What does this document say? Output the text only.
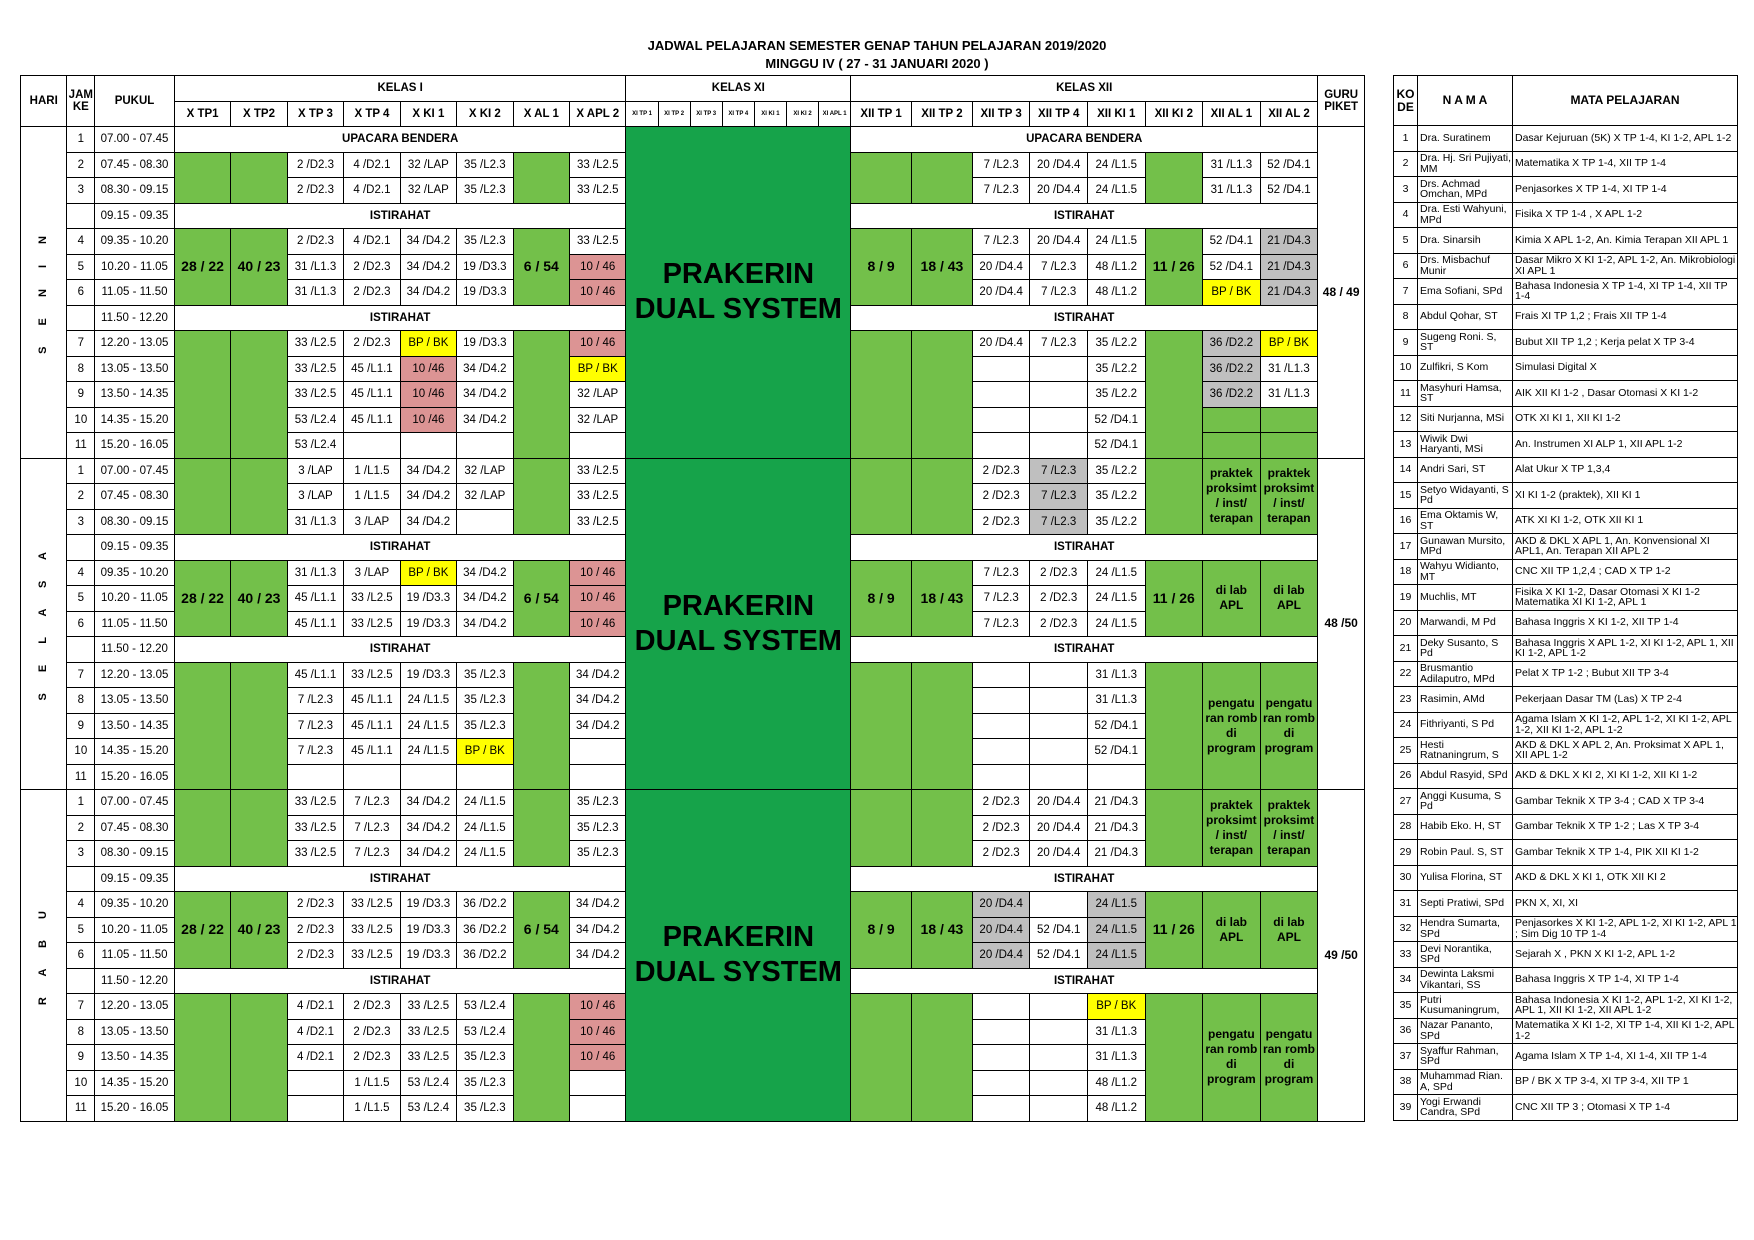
JADWAL PELAJARAN SEMESTER GENAP TAHUN PELAJARAN 2019/2020
MINGGU IV ( 27 - 31 JANUARI 2020 )
HARI	JAM
KE	PUKUL	KELAS I								KELAS XI							KELAS XII								GURU
PIKET
			X TP1	X TP2	X TP 3	X TP 4	X KI 1	X KI 2	X AL 1	X APL 2	XI TP 1	XI TP 2	XI TP 3	XI TP 4	XI KI 1	XI KI 2	XI APL 1	XII TP 1	XII TP 2	XII TP 3	XII TP 4	XII KI 1	XII KI 2	XII AL 1	XII AL 2	
S E N I N	1	07.00 - 07.45	UPACARA BENDERA								PRAKERIN DUAL SYSTEM							UPACARA BENDERA								48 / 49
	2	07.45 - 08.30			2 /D2.3	4 /D2.1	32 /LAP	35 /L2.3		33 /L2.5										7 /L2.3	20 /D4.4	24 /L1.5		31 /L1.3	52 /D4.1	
	3	08.30 - 09.15			2 /D2.3	4 /D2.1	32 /LAP	35 /L2.3		33 /L2.5										7 /L2.3	20 /D4.4	24 /L1.5		31 /L1.3	52 /D4.1	
		09.15 - 09.35	ISTIRAHAT															ISTIRAHAT								
	4	09.35 - 10.20	28 / 22	40 / 23	2 /D2.3	4 /D2.1	34 /D4.2	35 /L2.3	6 / 54	33 /L2.5								8 / 9	18 / 43	7 /L2.3	20 /D4.4	24 /L1.5	11 / 26	52 /D4.1	21 /D4.3	
	5	10.20 - 11.05			31 /L1.3	2 /D2.3	34 /D4.2	19 /D3.3		10 / 46										20 /D4.4	7 /L2.3	48 /L1.2		52 /D4.1	21 /D4.3	
	6	11.05 - 11.50			31 /L1.3	2 /D2.3	34 /D4.2	19 /D3.3		10 / 46										20 /D4.4	7 /L2.3	48 /L1.2		BP / BK	21 /D4.3	
		11.50 - 12.20	ISTIRAHAT															ISTIRAHAT								
	7	12.20 - 13.05			33 /L2.5	2 /D2.3	BP / BK	19 /D3.3		10 / 46										20 /D4.4	7 /L2.3	35 /L2.2		36 /D2.2	BP / BK	
	8	13.05 - 13.50			33 /L2.5	45 /L1.1	10 /46	34 /D4.2		BP / BK												35 /L2.2		36 /D2.2	31 /L1.3	
	9	13.50 - 14.35			33 /L2.5	45 /L1.1	10 /46	34 /D4.2		32 /LAP												35 /L2.2		36 /D2.2	31 /L1.3	
	10	14.35 - 15.20			53 /L2.4	45 /L1.1	10 /46	34 /D4.2		32 /LAP												52 /D4.1				
	11	15.20 - 16.05			53 /L2.4																	52 /D4.1				
S E L A S A	1	07.00 - 07.45			3 /LAP	1 /L1.5	34 /D4.2	32 /LAP		33 /L2.5	PRAKERIN DUAL SYSTEM									2 /D2.3	7 /L2.3	35 /L2.2		praktek proksimt / inst/ terapan	praktek proksimt / inst/ terapan	48 /50
	2	07.45 - 08.30			3 /LAP	1 /L1.5	34 /D4.2	32 /LAP		33 /L2.5										2 /D2.3	7 /L2.3	35 /L2.2				
	3	08.30 - 09.15			31 /L1.3	3 /LAP	34 /D4.2			33 /L2.5										2 /D2.3	7 /L2.3	35 /L2.2				
		09.15 - 09.35	ISTIRAHAT															ISTIRAHAT								
	4	09.35 - 10.20	28 / 22	40 / 23	31 /L1.3	3 /LAP	BP / BK	34 /D4.2	6 / 54	10 / 46								8 / 9	18 / 43	7 /L2.3	2 /D2.3	24 /L1.5	11 / 26	di lab APL	di lab APL	
	5	10.20 - 11.05			45 /L1.1	33 /L2.5	19 /D3.3	34 /D4.2		10 / 46										7 /L2.3	2 /D2.3	24 /L1.5				
	6	11.05 - 11.50			45 /L1.1	33 /L2.5	19 /D3.3	34 /D4.2		10 / 46										7 /L2.3	2 /D2.3	24 /L1.5				
		11.50 - 12.20	ISTIRAHAT															ISTIRAHAT								
	7	12.20 - 13.05			45 /L1.1	33 /L2.5	19 /D3.3	35 /L2.3		34 /D4.2												31 /L1.3		pengatu ran romb di program	pengatu ran romb di program	
	8	13.05 - 13.50			7 /L2.3	45 /L1.1	24 /L1.5	35 /L2.3		34 /D4.2												31 /L1.3				
	9	13.50 - 14.35			7 /L2.3	45 /L1.1	24 /L1.5	35 /L2.3		34 /D4.2												52 /D4.1				
	10	14.35 - 15.20			7 /L2.3	45 /L1.1	24 /L1.5	BP / BK														52 /D4.1				
	11	15.20 - 16.05																								
R A B U	1	07.00 - 07.45			33 /L2.5	7 /L2.3	34 /D4.2	24 /L1.5		35 /L2.3	PRAKERIN DUAL SYSTEM									2 /D2.3	20 /D4.4	21 /D4.3		praktek proksimt / inst/ terapan	praktek proksimt / inst/ terapan	49 /50
	2	07.45 - 08.30			33 /L2.5	7 /L2.3	34 /D4.2	24 /L1.5		35 /L2.3										2 /D2.3	20 /D4.4	21 /D4.3				
	3	08.30 - 09.15			33 /L2.5	7 /L2.3	34 /D4.2	24 /L1.5		35 /L2.3										2 /D2.3	20 /D4.4	21 /D4.3				
		09.15 - 09.35	ISTIRAHAT															ISTIRAHAT								
	4	09.35 - 10.20	28 / 22	40 / 23	2 /D2.3	33 /L2.5	19 /D3.3	36 /D2.2	6 / 54	34 /D4.2								8 / 9	18 / 43	20 /D4.4		24 /L1.5	11 / 26	di lab APL	di lab APL	
	5	10.20 - 11.05			2 /D2.3	33 /L2.5	19 /D3.3	36 /D2.2		34 /D4.2										20 /D4.4	52 /D4.1	24 /L1.5				
	6	11.05 - 11.50			2 /D2.3	33 /L2.5	19 /D3.3	36 /D2.2		34 /D4.2										20 /D4.4	52 /D4.1	24 /L1.5				
		11.50 - 12.20	ISTIRAHAT															ISTIRAHAT								
	7	12.20 - 13.05			4 /D2.1	2 /D2.3	33 /L2.5	53 /L2.4		10 / 46												BP / BK		pengatu ran romb di program	pengatu ran romb di program	
	8	13.05 - 13.50			4 /D2.1	2 /D2.3	33 /L2.5	53 /L2.4		10 / 46												31 /L1.3				
	9	13.50 - 14.35			4 /D2.1	2 /D2.3	33 /L2.5	35 /L2.3		10 / 46												31 /L1.3				
	10	14.35 - 15.20				1 /L1.5	53 /L2.4	35 /L2.3														48 /L1.2				
	11	15.20 - 16.05				1 /L1.5	53 /L2.4	35 /L2.3														48 /L1.2				
KO
DE	N A M A	MATA PELAJARAN
1	Dra. Suratinem	Dasar Kejuruan (5K) X TP 1-4, KI 1-2, APL 1-2
2	Dra. Hj. Sri Pujiyati, MM	Matematika X TP 1-4, XII TP 1-4
3	Drs. Achmad Omchan, MPd	Penjasorkes X TP 1-4, XI TP 1-4
4	Dra. Esti Wahyuni, MPd	Fisika X TP 1-4 , X APL 1-2
5	Dra. Sinarsih	Kimia X APL 1-2, An. Kimia Terapan XII APL 1
6	Drs. Misbachuf Munir	Dasar Mikro X KI 1-2, APL 1-2, An. Mikrobiologi XI APL 1
7	Ema Sofiani, SPd	Bahasa Indonesia X TP 1-4, XI TP 1-4, XII TP 1-4
8	Abdul Qohar, ST	Frais XI TP 1,2 ; Frais XII TP 1-4
9	Sugeng Roni. S, ST	Bubut XII TP 1,2 ; Kerja pelat X TP 3-4
10	Zulfikri, S Kom	Simulasi Digital X
11	Masyhuri Hamsa, ST	AIK XII KI 1-2 , Dasar Otomasi X KI 1-2
12	Siti Nurjanna, MSi	OTK XI KI 1, XII KI 1-2
13	Wiwik Dwi Haryanti, MSi	An. Instrumen XI ALP 1, XII APL 1-2
14	Andri Sari, ST	Alat Ukur X TP 1,3,4
15	Setyo Widayanti, S Pd	XI KI 1-2 (praktek), XII KI 1
16	Ema Oktamis W, ST	ATK XI KI 1-2, OTK XII KI 1
17	Gunawan Mursito, MPd	AKD & DKL X APL 1, An. Konvensional XI APL1, An. Terapan XII APL 2
18	Wahyu Widianto, MT	CNC XII TP 1,2,4 ; CAD X TP 1-2
19	Muchlis, MT	Fisika X KI 1-2, Dasar Otomasi X KI 1-2 Matematika XI KI 1-2, APL 1
20	Marwandi, M Pd	Bahasa Inggris X KI 1-2, XII TP 1-4
21	Deky Susanto, S Pd	Bahasa Inggris X APL 1-2, XI KI 1-2, APL 1, XII KI 1-2, APL 1-2
22	Brusmantio Adilaputro, MPd	Pelat X TP 1-2 ; Bubut XII TP 3-4
23	Rasimin, AMd	Pekerjaan Dasar TM (Las) X TP 2-4
24	Fithriyanti, S Pd	Agama Islam X KI 1-2, APL 1-2, XI KI 1-2, APL 1-2, XII KI 1-2, APL 1-2
25	Hesti Ratnaningrum, S	AKD & DKL X APL 2, An. Proksimat X APL 1, XII APL 1-2
26	Abdul Rasyid, SPd	AKD & DKL X KI 2, XI KI 1-2, XII KI 1-2
27	Anggi Kusuma, S Pd	Gambar Teknik X TP 3-4 ; CAD X TP 3-4
28	Habib Eko. H, ST	Gambar Teknik X TP 1-2 ; Las X TP 3-4
29	Robin Paul. S, ST	Gambar Teknik X TP 1-4, PIK XII KI 1-2
30	Yulisa Florina, ST	AKD & DKL X KI 1, OTK XII KI 2
31	Septi Pratiwi, SPd	PKN X, XI, XI
32	Hendra Sumarta, SPd	Penjasorkes X KI 1-2, APL 1-2, XI KI 1-2, APL 1 ; Sim Dig 10 TP 1-4
33	Devi Norantika, SPd	Sejarah X , PKN X KI 1-2, APL 1-2
34	Dewinta Laksmi Vikantari, SS	Bahasa Inggris X TP 1-4, XI TP 1-4
35	Putri Kusumaningrum,	Bahasa Indonesia X KI 1-2, APL 1-2, XI KI 1-2, APL 1, XII KI 1-2, XII APL 1-2
36	Nazar Pananto, SPd	Matematika X KI 1-2, XI TP 1-4, XII KI 1-2, APL 1-2
37	Syaffur Rahman, SPd	Agama Islam X TP 1-4, XI 1-4, XII TP 1-4
38	Muhammad Rian. A, SPd	BP / BK X TP 3-4, XI TP 3-4, XII TP 1
39	Yogi Erwandi Candra, SPd	CNC XII TP 3 ; Otomasi X TP 1-4
